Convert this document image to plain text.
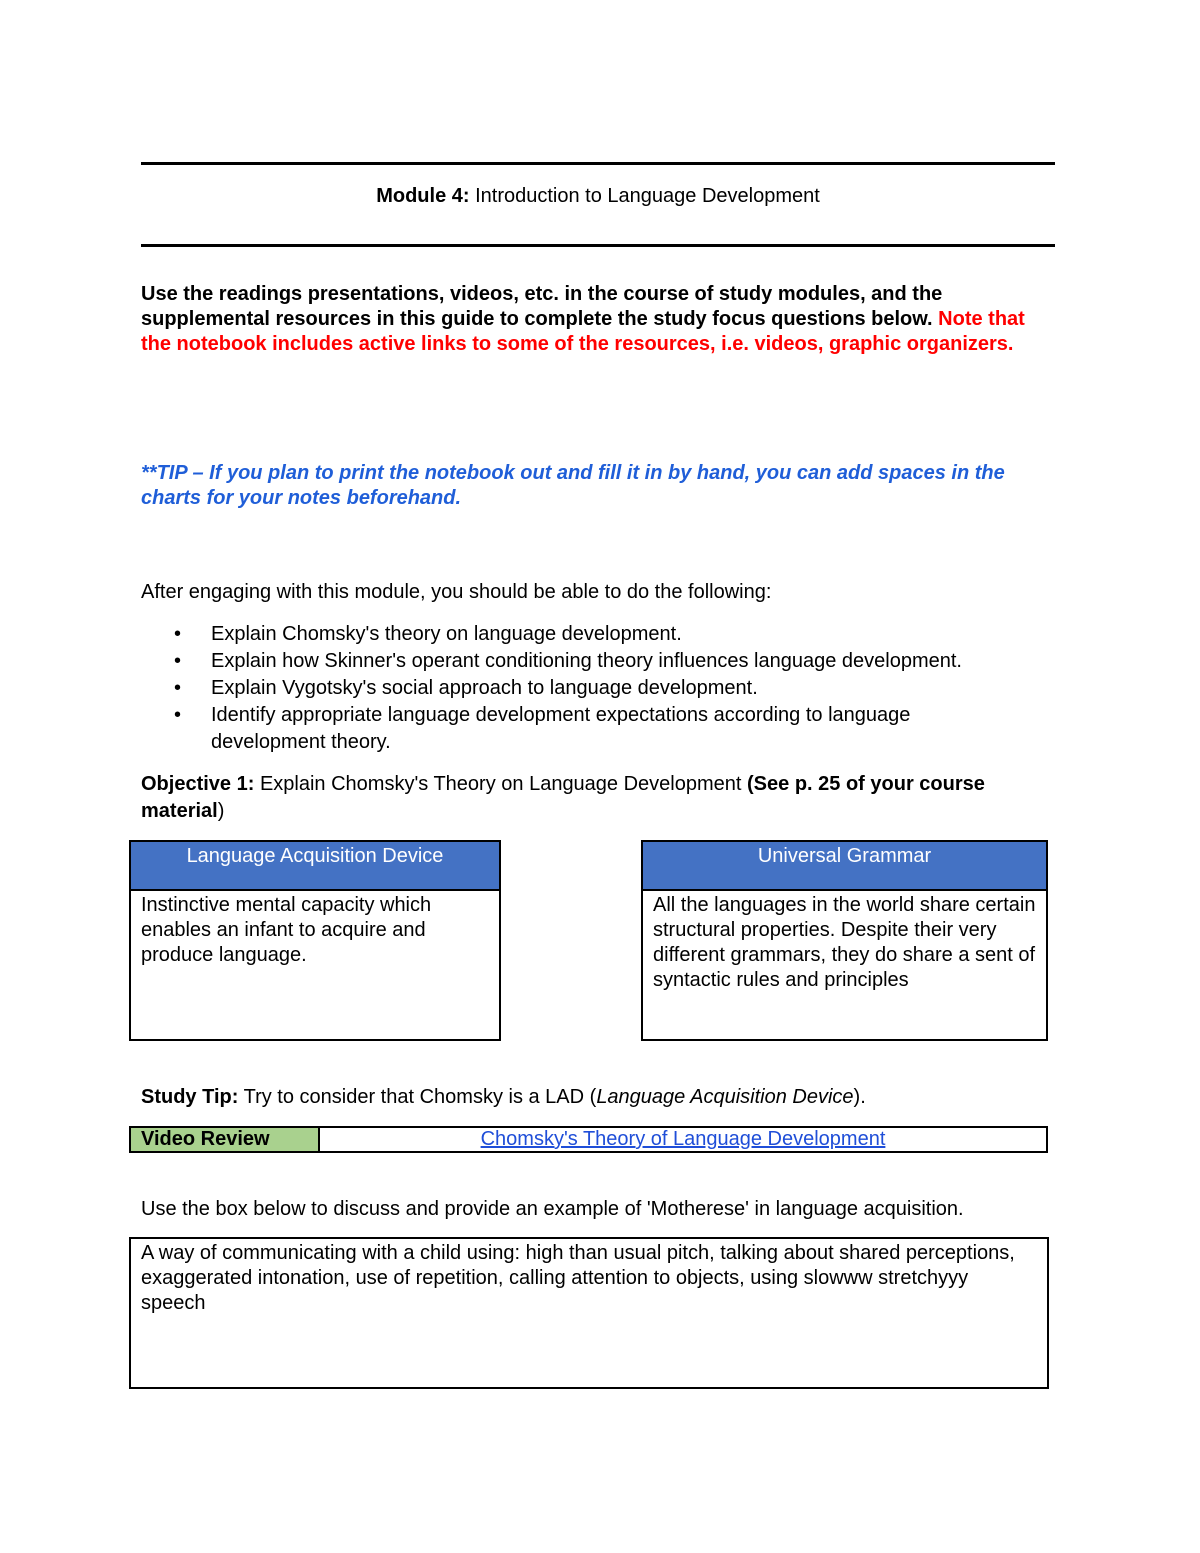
Module 4: Introduction to Language Development
Use the readings presentations, videos, etc. in the course of study modules, and the supplemental resources in this guide to complete the study focus questions below. Note that the notebook includes active links to some of the resources, i.e. videos, graphic organizers.
**TIP – If you plan to print the notebook out and fill it in by hand, you can add spaces in the charts for your notes beforehand.
After engaging with this module, you should be able to do the following:
• Explain Chomsky's theory on language development.
• Explain how Skinner's operant conditioning theory influences language development.
• Explain Vygotsky's social approach to language development.
• Identify appropriate language development expectations according to language development theory.
Objective 1: Explain Chomsky's Theory on Language Development (See p. 25 of your course material)
Language Acquisition Device
Instinctive mental capacity which enables an infant to acquire and produce language.
Universal Grammar
All the languages in the world share certain structural properties. Despite their very different grammars, they do share a sent of syntactic rules and principles
Study Tip: Try to consider that Chomsky is a LAD (Language Acquisition Device).
Video Review	Chomsky's Theory of Language Development
Use the box below to discuss and provide an example of 'Motherese' in language acquisition.
A way of communicating with a child using: high than usual pitch, talking about shared perceptions, exaggerated intonation, use of repetition, calling attention to objects, using slowww stretchyyy speech
